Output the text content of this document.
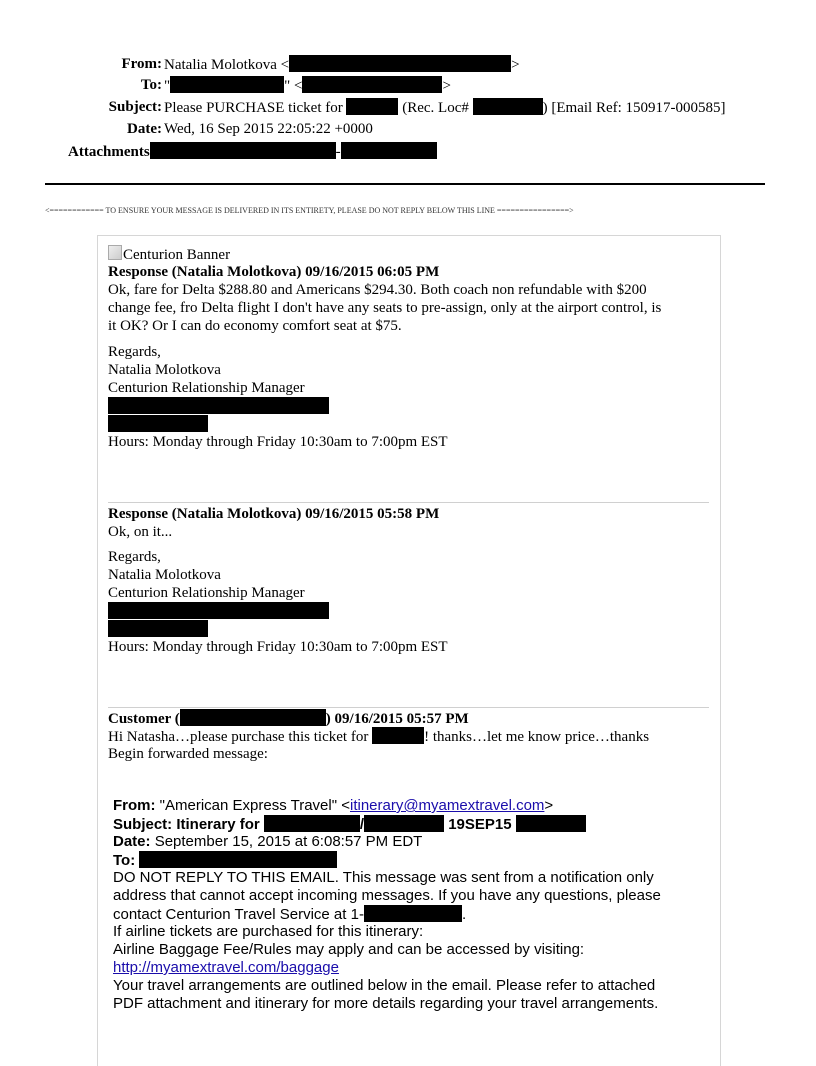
From: Natalia Molotkova <	>
To: "	" <	>
Subject: Please PURCHASE ticket for	(Rec. Loc#	) [Email Ref: 150917-000585]
Date: Wed, 16 Sep 2015 22:05:22 +0000
Attachments	-
<============ TO ENSURE YOUR MESSAGE IS DELIVERED IN ITS ENTIRETY, PLEASE DO NOT REPLY BELOW THIS LINE ================>
Centurion Banner
Response (Natalia Molotkova) 09/16/2015 06:05 PM
Ok, fare for Delta $288.80 and Americans $294.30. Both coach non refundable with $200
change fee, fro Delta flight I don't have any seats to pre-assign, only at the airport control, is
it OK? Or I can do economy comfort seat at $75.
Regards,
Natalia Molotkova
Centurion Relationship Manager
Hours: Monday through Friday 10:30am to 7:00pm EST
Response (Natalia Molotkova) 09/16/2015 05:58 PM
Ok, on it...
Regards,
Natalia Molotkova
Centurion Relationship Manager
Hours: Monday through Friday 10:30am to 7:00pm EST
Customer (	) 09/16/2015 05:57 PM
Hi Natasha…please purchase this ticket for	! thanks…let me know price…thanks
Begin forwarded message:
From: "American Express Travel" <itinerary@myamextravel.com>
Subject: Itinerary for	/	19SEP15
Date: September 15, 2015 at 6:08:57 PM EDT
To:
DO NOT REPLY TO THIS EMAIL. This message was sent from a notification only
address that cannot accept incoming messages. If you have any questions, please
contact Centurion Travel Service at 1-	.
If airline tickets are purchased for this itinerary:
Airline Baggage Fee/Rules may apply and can be accessed by visiting:
http://myamextravel.com/baggage
Your travel arrangements are outlined below in the email. Please refer to attached
PDF attachment and itinerary for more details regarding your travel arrangements.
